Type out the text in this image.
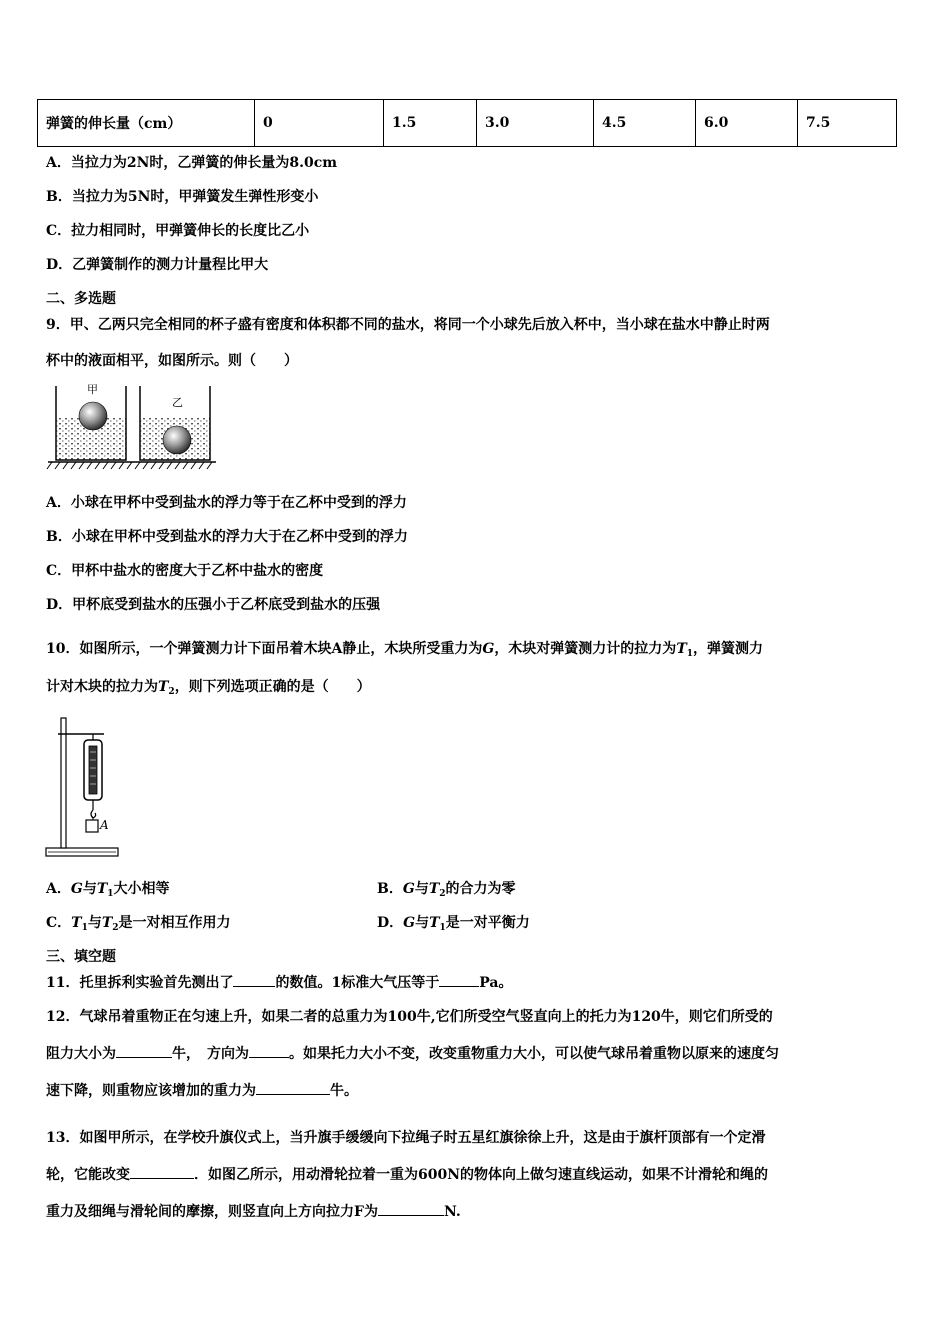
弹簧的伸长量（cm）	0	1.5	3.0	4.5	6.0	7.5
A．当拉力为2N时，乙弹簧的伸长量为8.0cm
B．当拉力为5N时，甲弹簧发生弹性形变小
C．拉力相同时，甲弹簧伸长的长度比乙小
D．乙弹簧制作的测力计量程比甲大
二、多选题
9．甲、乙两只完全相同的杯子盛有密度和体积都不同的盐水，将同一个小球先后放入杯中，当小球在盐水中静止时两
杯中的液面相平，如图所示。则（　　）
甲
乙
A．小球在甲杯中受到盐水的浮力等于在乙杯中受到的浮力
B．小球在甲杯中受到盐水的浮力大于在乙杯中受到的浮力
C．甲杯中盐水的密度大于乙杯中盐水的密度
D．甲杯底受到盐水的压强小于乙杯底受到盐水的压强
10．如图所示，一个弹簧测力计下面吊着木块A静止，木块所受重力为G，木块对弹簧测力计的拉力为$T_1$，弹簧测力
计对木块的拉力为$T_2$，则下列选项正确的是（　　）
A
A．G与$T_1$大小相等	B．G与$T_2$的合力为零
C．$T_1$与$T_2$是一对相互作用力	D．G与$T_1$是一对平衡力
三、填空题
11．托里拆利实验首先测出了	的数值。1标准大气压等于	Pa。
12．气球吊着重物正在匀速上升，如果二者的总重力为100牛,它们所受空气竖直向上的托力为120牛，则它们所受的
阻力大小为	牛，　方向为	。如果托力大小不变，改变重物重力大小，可以使气球吊着重物以原来的速度匀
速下降，则重物应该增加的重力为	牛。
13．如图甲所示，在学校升旗仪式上，当升旗手缓缓向下拉绳子时五星红旗徐徐上升，这是由于旗杆顶部有一个定滑
轮，它能改变	．如图乙所示，用动滑轮拉着一重为600N的物体向上做匀速直线运动，如果不计滑轮和绳的
重力及细绳与滑轮间的摩擦，则竖直向上方向拉力F为	N.
